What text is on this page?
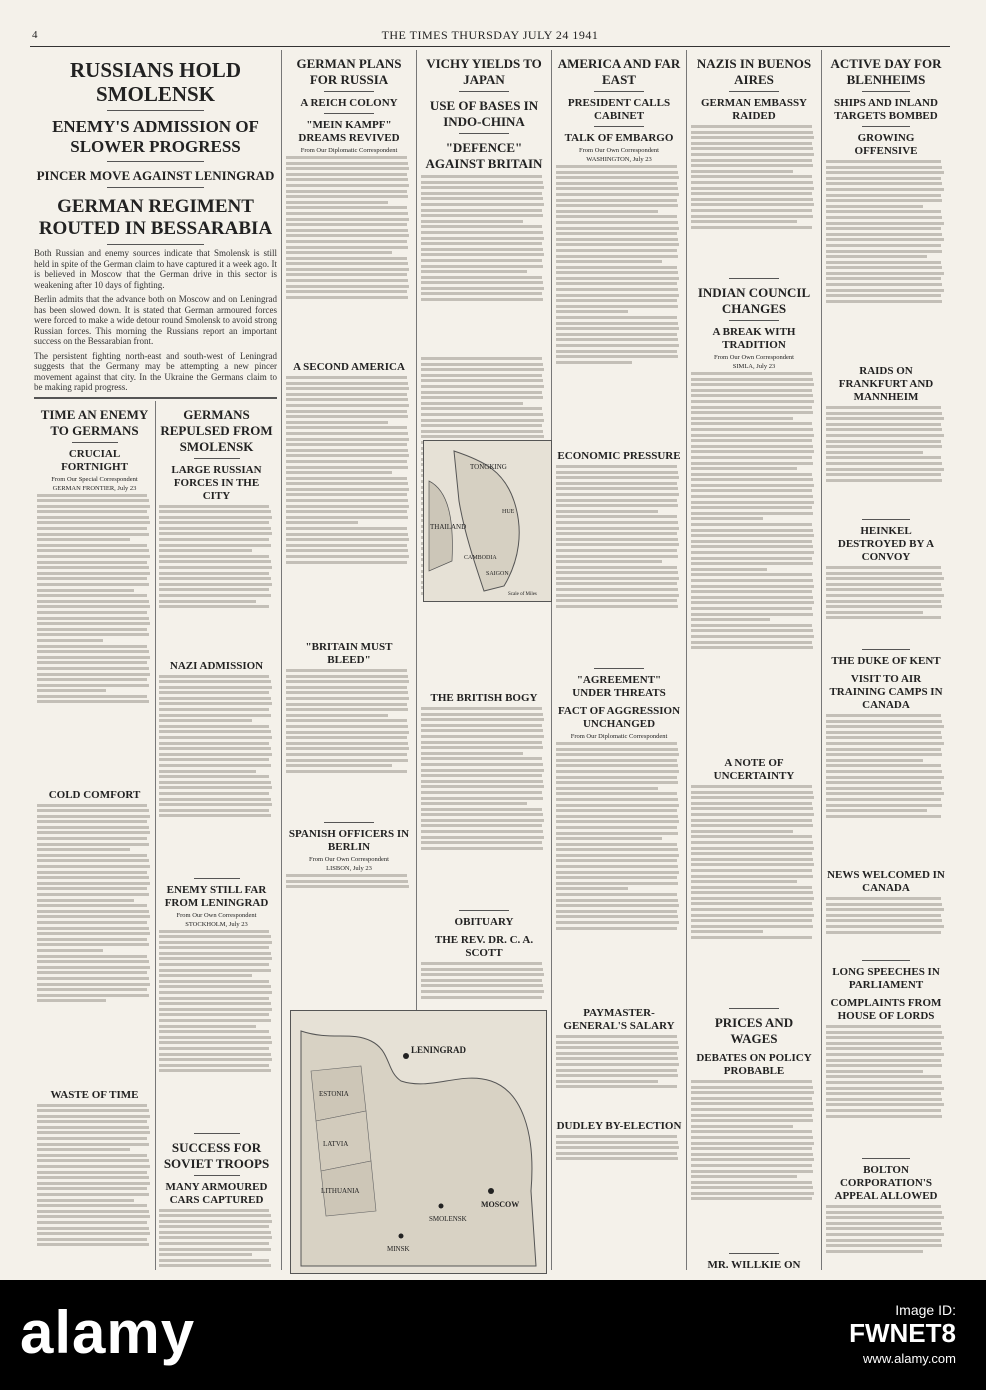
4	THE TIMES THURSDAY JULY 24 1941
RUSSIANS HOLD SMOLENSK
ENEMY'S ADMISSION OF SLOWER PROGRESS
PINCER MOVE AGAINST LENINGRAD
GERMAN REGIMENT ROUTED IN BESSARABIA

Both Russian and enemy sources indicate that Smolensk is still held in spite of the German claim to have captured it a week ago. It is believed in Moscow that the German drive in this sector is weakening after 10 days of fighting.

Berlin admits that the advance both on Moscow and on Leningrad has been slowed down. It is stated that German armoured forces were forced to make a wide detour round Smolensk to avoid strong Russian forces. This morning the Russians report an important success on the Bessarabian front.

The persistent fighting north-east and south-west of Leningrad suggests that the Germany may be attempting a new pincer movement against that city. In the Ukraine the Germans claim to be making rapid progress.

TIME AN ENEMY TO GERMANS
CRUCIAL FORTNIGHT
From Our Special Correspondent
GERMAN FRONTIER, July 23
COLD COMFORT
WASTE OF TIME
GERMANS REPULSED FROM SMOLENSK
LARGE RUSSIAN FORCES IN THE CITY
NAZI ADMISSION
ENEMY STILL FAR FROM LENINGRAD
From Our Own Correspondent
STOCKHOLM, July 23
SUCCESS FOR SOVIET TROOPS
MANY ARMOURED CARS CAPTURED
GERMAN PLANS FOR RUSSIA
A REICH COLONY
"MEIN KAMPF" DREAMS REVIVED
From Our Diplomatic Correspondent
A SECOND AMERICA
"BRITAIN MUST BLEED"
SPANISH OFFICERS IN BERLIN
From Our Own Correspondent
LISBON, July 23
VICHY YIELDS TO JAPAN
USE OF BASES IN INDO-CHINA
"DEFENCE" AGAINST BRITAIN
THE BRITISH BOGY
OBITUARY
THE REV. DR. C. A. SCOTT
AMERICA AND FAR EAST
PRESIDENT CALLS CABINET
TALK OF EMBARGO
From Our Own Correspondent
WASHINGTON, July 23
ECONOMIC PRESSURE
"AGREEMENT" UNDER THREATS
FACT OF AGGRESSION UNCHANGED
From Our Diplomatic Correspondent
PAYMASTER-GENERAL'S SALARY
DUDLEY BY-ELECTION
NAZIS IN BUENOS AIRES
GERMAN EMBASSY RAIDED
INDIAN COUNCIL CHANGES
A BREAK WITH TRADITION
From Our Own Correspondent
SIMLA, July 23
A NOTE OF UNCERTAINTY
PRICES AND WAGES
DEBATES ON POLICY PROBABLE
MR. WILLKIE ON
ACTIVE DAY FOR BLENHEIMS
SHIPS AND INLAND TARGETS BOMBED
GROWING OFFENSIVE
RAIDS ON FRANKFURT AND MANNHEIM
HEINKEL DESTROYED BY A CONVOY
THE DUKE OF KENT
VISIT TO AIR TRAINING CAMPS IN CANADA
NEWS WELCOMED IN CANADA
LONG SPEECHES IN PARLIAMENT
COMPLAINTS FROM HOUSE OF LORDS
BOLTON CORPORATION'S APPEAL ALLOWED
TONGKING
THAILAND
CAMBODIA
SAIGON
HUE
Scale of Miles
LENINGRAD
ESTONIA
LATVIA
LITHUANIA
MOSCOW
MINSK
SMOLENSK
alamy	Image ID:
FWNET8
www.alamy.com
